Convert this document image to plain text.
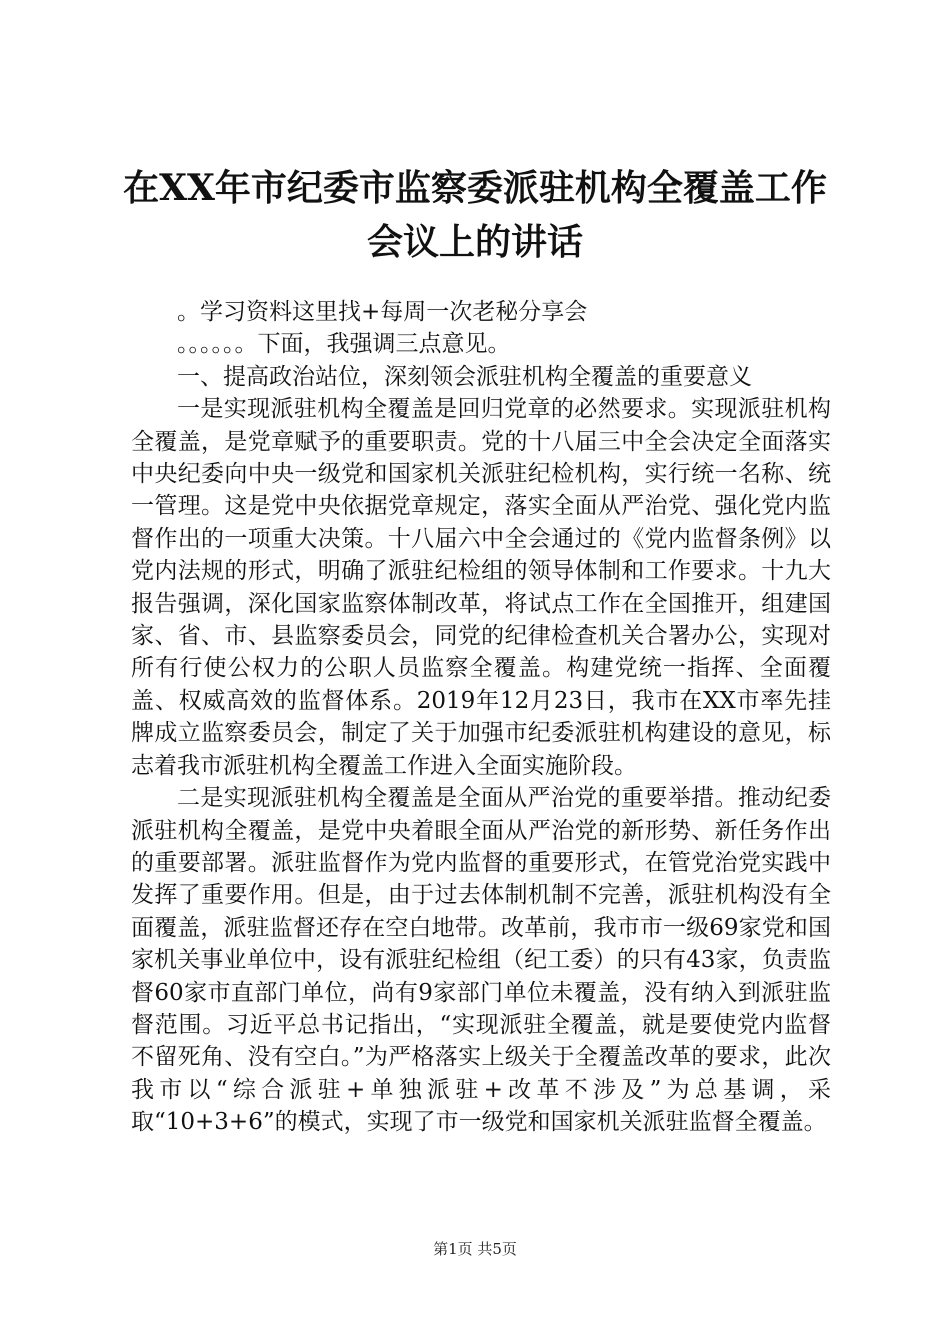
在XX年市纪委市监察委派驻机构全覆盖工作
会议上的讲话

。学习资料这里找+每周一次老秘分享会

。。。。。。下面，我强调三点意见。

一、提高政治站位，深刻领会派驻机构全覆盖的重要意义

一是实现派驻机构全覆盖是回归党章的必然要求。实现派驻机构全覆盖，是党章赋予的重要职责。党的十八届三中全会决定全面落实中央纪委向中央一级党和国家机关派驻纪检机构，实行统一名称、统一管理。这是党中央依据党章规定，落实全面从严治党、强化党内监督作出的一项重大决策。十八届六中全会通过的《党内监督条例》以党内法规的形式，明确了派驻纪检组的领导体制和工作要求。十九大报告强调，深化国家监察体制改革，将试点工作在全国推开，组建国家、省、市、县监察委员会，同党的纪律检查机关合署办公，实现对所有行使公权力的公职人员监察全覆盖。构建党统一指挥、全面覆盖、权威高效的监督体系。2019年12月23日，我市在XX市率先挂牌成立监察委员会，制定了关于加强市纪委派驻机构建设的意见，标志着我市派驻机构全覆盖工作进入全面实施阶段。

二是实现派驻机构全覆盖是全面从严治党的重要举措。推动纪委派驻机构全覆盖，是党中央着眼全面从严治党的新形势、新任务作出的重要部署。派驻监督作为党内监督的重要形式，在管党治党实践中发挥了重要作用。但是，由于过去体制机制不完善，派驻机构没有全面覆盖，派驻监督还存在空白地带。改革前，我市市一级69家党和国家机关事业单位中，设有派驻纪检组（纪工委）的只有43家，负责监督60家市直部门单位，尚有9家部门单位未覆盖，没有纳入到派驻监督范围。习近平总书记指出，“实现派驻全覆盖，就是要使党内监督不留死角、没有空白。”为严格落实上级关于全覆盖改革的要求，此次我市以“综合派驻+单独派驻+改革不涉及”为总基调，采取“10+3+6”的模式，实现了市一级党和国家机关派驻监督全覆盖。

第1页 共5页
